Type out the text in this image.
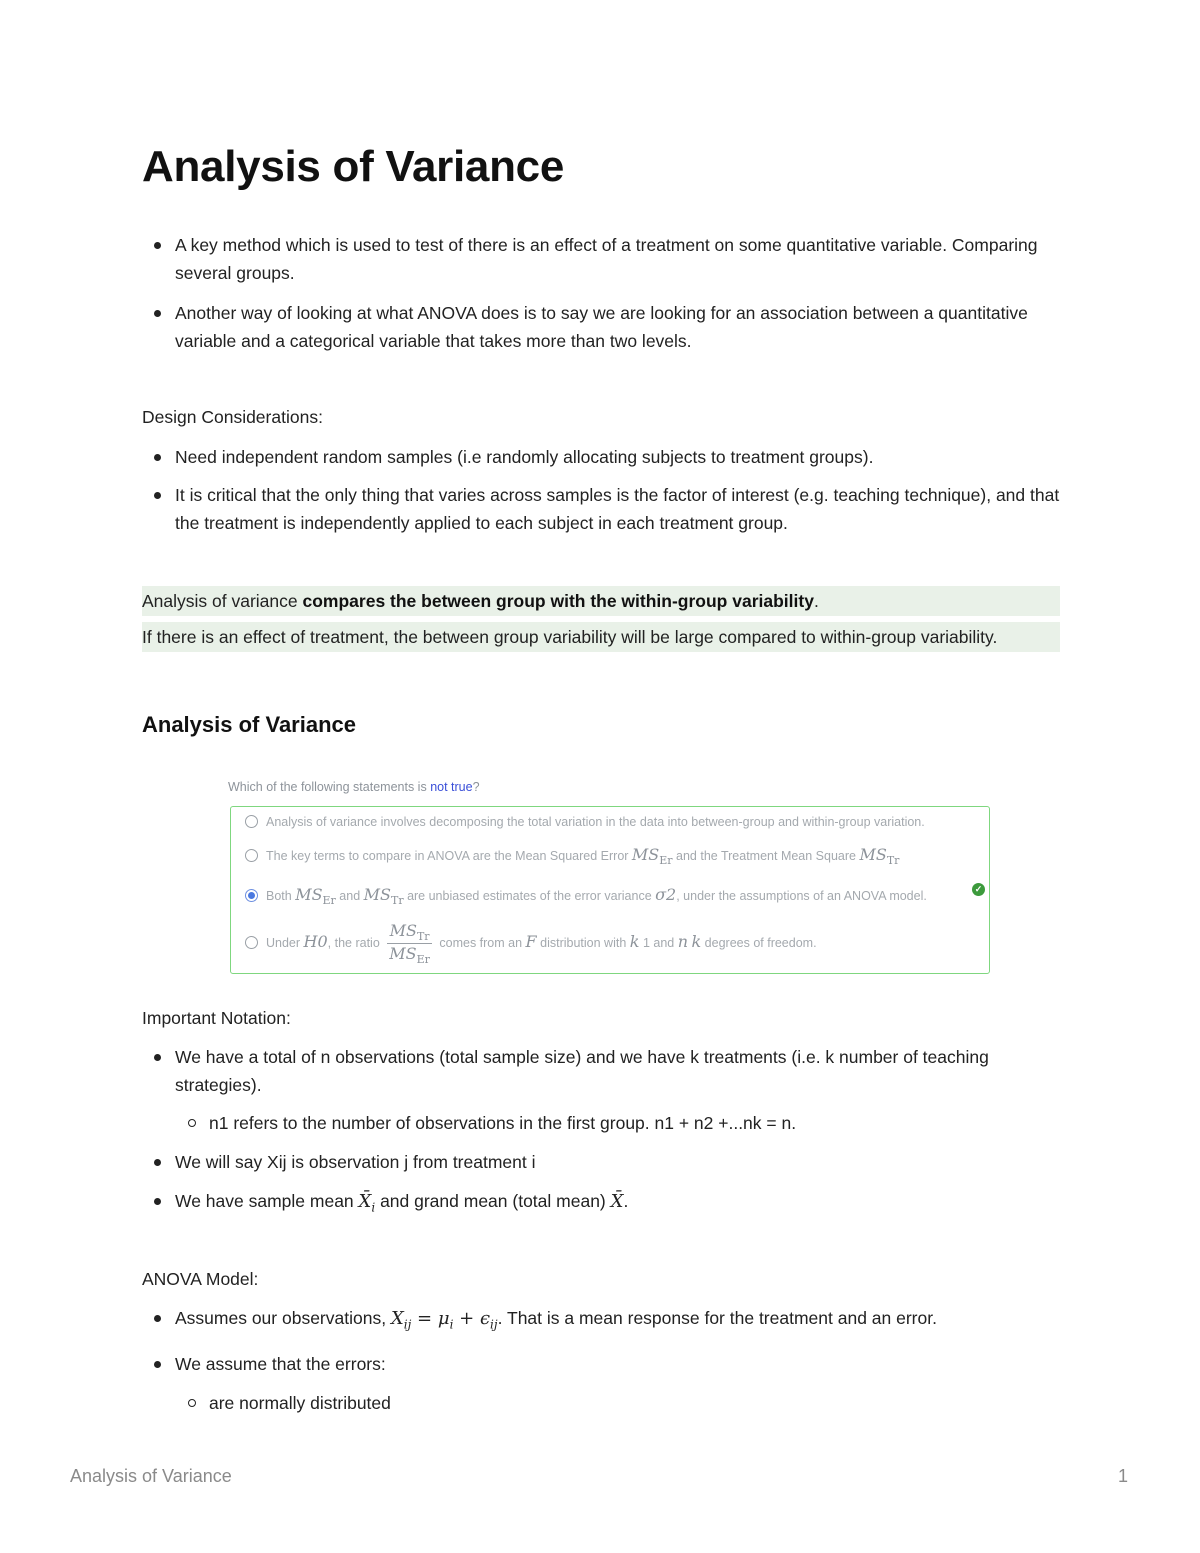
Analysis of Variance
A key method which is used to test of there is an effect of a treatment on some quantitative variable. Comparing several groups.
Another way of looking at what ANOVA does is to say we are looking for an association between a quantitative variable and a categorical variable that takes more than two levels.
Design Considerations:
Need independent random samples (i.e randomly allocating subjects to treatment groups).
It is critical that the only thing that varies across samples is the factor of interest (e.g. teaching technique), and that the treatment is independently applied to each subject in each treatment group.
Analysis of variance compares the between group with the within-group variability.
If there is an effect of treatment, the between group variability will be large compared to within-group variability.
Analysis of Variance
Which of the following statements is not true?
Analysis of variance involves decomposing the total variation in the data into between-group and within-group variation.
The key terms to compare in ANOVA are the Mean Squared Error $MS_{Er}$ and the Treatment Mean Square $MS_{Tr}$
Both $MS_{Er}$ and $MS_{Tr}$ are unbiased estimates of the error variance σ2, under the assumptions of an ANOVA model.	✓
Under H0, the ratio $\frac{MS_{Tr}}{MS_{Er}}$ comes from an F distribution with k 1 and n k degrees of freedom.
Important Notation:
We have a total of n observations (total sample size) and we have k treatments (i.e. k number of teaching strategies).
n1 refers to the number of observations in the first group. n1 + n2 +...nk = n.
We will say Xij is observation j from treatment i
We have sample mean $X̄_i$ and grand mean (total mean) X̄.
ANOVA Model:
Assumes our observations, $X_{ij} = \mu_i + \epsilon_{ij}$. That is a mean response for the treatment and an error.
We assume that the errors:
are normally distributed
Analysis of Variance	1
